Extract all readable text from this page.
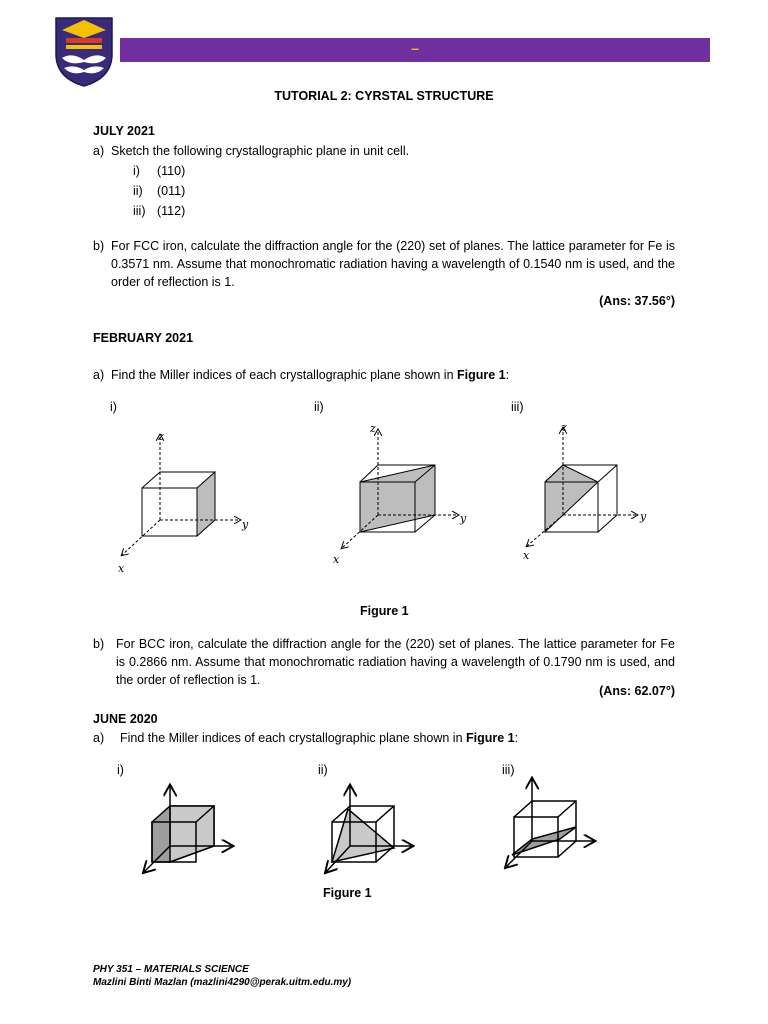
–
TUTORIAL 2: CYRSTAL STRUCTURE
JULY 2021
a) Sketch the following crystallographic plane in unit cell.
i) (110)
ii) (011)
iii) (112)
b) For FCC iron, calculate the diffraction angle for the (220) set of planes. The lattice parameter for Fe is 0.3571 nm. Assume that monochromatic radiation having a wavelength of 0.1540 nm is used, and the order of reflection is 1.
(Ans: 37.56°)
FEBRUARY 2021
a) Find the Miller indices of each crystallographic plane shown in Figure 1:
i)	ii)	iii)
z
y
x
z
y
x
z
y
x
Figure 1
b) For BCC iron, calculate the diffraction angle for the (220) set of planes. The lattice parameter for Fe is 0.2866 nm. Assume that monochromatic radiation having a wavelength of 0.1790 nm is used, and the order of reflection is 1.
(Ans: 62.07°)
JUNE 2020
a) Find the Miller indices of each crystallographic plane shown in Figure 1:
i)	ii)	iii)
Figure 1
PHY 351 – MATERIALS SCIENCE
Mazlini Binti Mazlan (mazlini4290@perak.uitm.edu.my)
